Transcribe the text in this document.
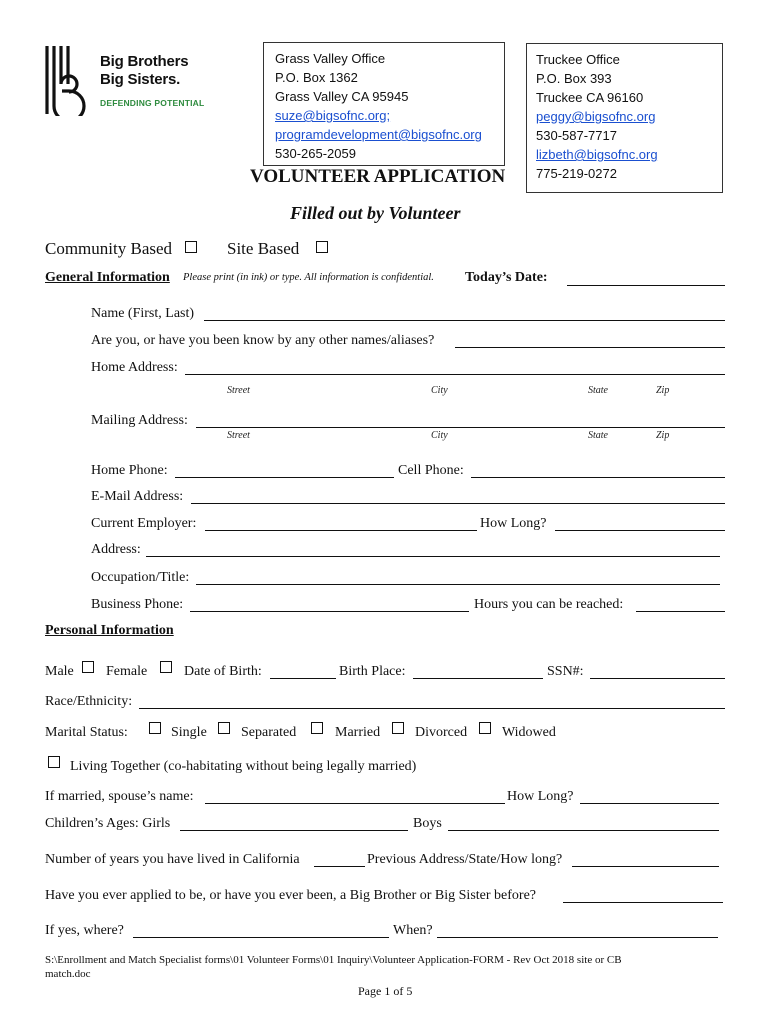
Big Brothers
Big Sisters.
DEFENDING POTENTIAL
Grass Valley Office
P.O. Box 1362
Grass Valley CA 95945
suze@bigsofnc.org;
programdevelopment@bigsofnc.org
530-265-2059
Truckee Office
P.O. Box 393
Truckee CA 96160
peggy@bigsofnc.org
530-587-7717
lizbeth@bigsofnc.org
775-219-0272
VOLUNTEER APPLICATION
Filled out by Volunteer
Community Based	Site Based
General Information Please print (in ink) or type. All information is confidential. Today’s Date:
Name (First, Last)
Are you, or have you been know by any other names/aliases?
Home Address:
Street	City	State	Zip
Mailing Address:
Street	City	State	Zip
Home Phone:	Cell Phone:
E-Mail Address:
Current Employer:	How Long?
Address:
Occupation/Title:
Business Phone:	Hours you can be reached:
Personal Information
Male Female	Date of Birth:	Birth Place:	SSN#:
Race/Ethnicity:
Marital Status:	Single Separated	Married Divorced Widowed
Living Together (co-habitating without being legally married)
If married, spouse’s name:	How Long?
Children’s Ages: Girls	Boys
Number of years you have lived in California	Previous Address/State/How long?
Have you ever applied to be, or have you ever been, a Big Brother or Big Sister before?
If yes, where?	When?
S:\Enrollment and Match Specialist forms\01 Volunteer Forms\01 Inquiry\Volunteer Application-FORM - Rev Oct 2018 site or CB
match.doc
Page 1 of 5
